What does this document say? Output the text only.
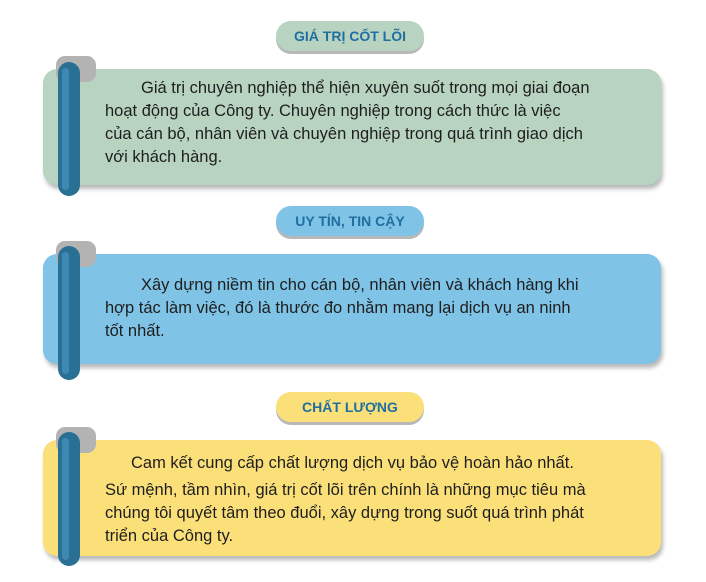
GIÁ TRỊ CỐT LÕI

Giá trị chuyên nghiệp thể hiện xuyên suốt trong mọi giai đoạn

hoạt động của Công ty. Chuyên nghiệp trong cách thức là việc

của cán bộ, nhân viên và chuyên nghiệp trong quá trình giao dịch

với khách hàng.

UY TÍN, TIN CẬY

Xây dựng niềm tin cho cán bộ, nhân viên và khách hàng khi

hợp tác làm việc, đó là thước đo nhằm mang lại dịch vụ an ninh

tốt nhất.

CHẤT LƯỢNG

Cam kết cung cấp chất lượng dịch vụ bảo vệ hoàn hảo nhất.

Sứ mệnh, tầm nhìn, giá trị cốt lõi trên chính là những mục tiêu mà

chúng tôi quyết tâm theo đuổi, xây dựng trong suốt quá trình phát

triển của Công ty.
